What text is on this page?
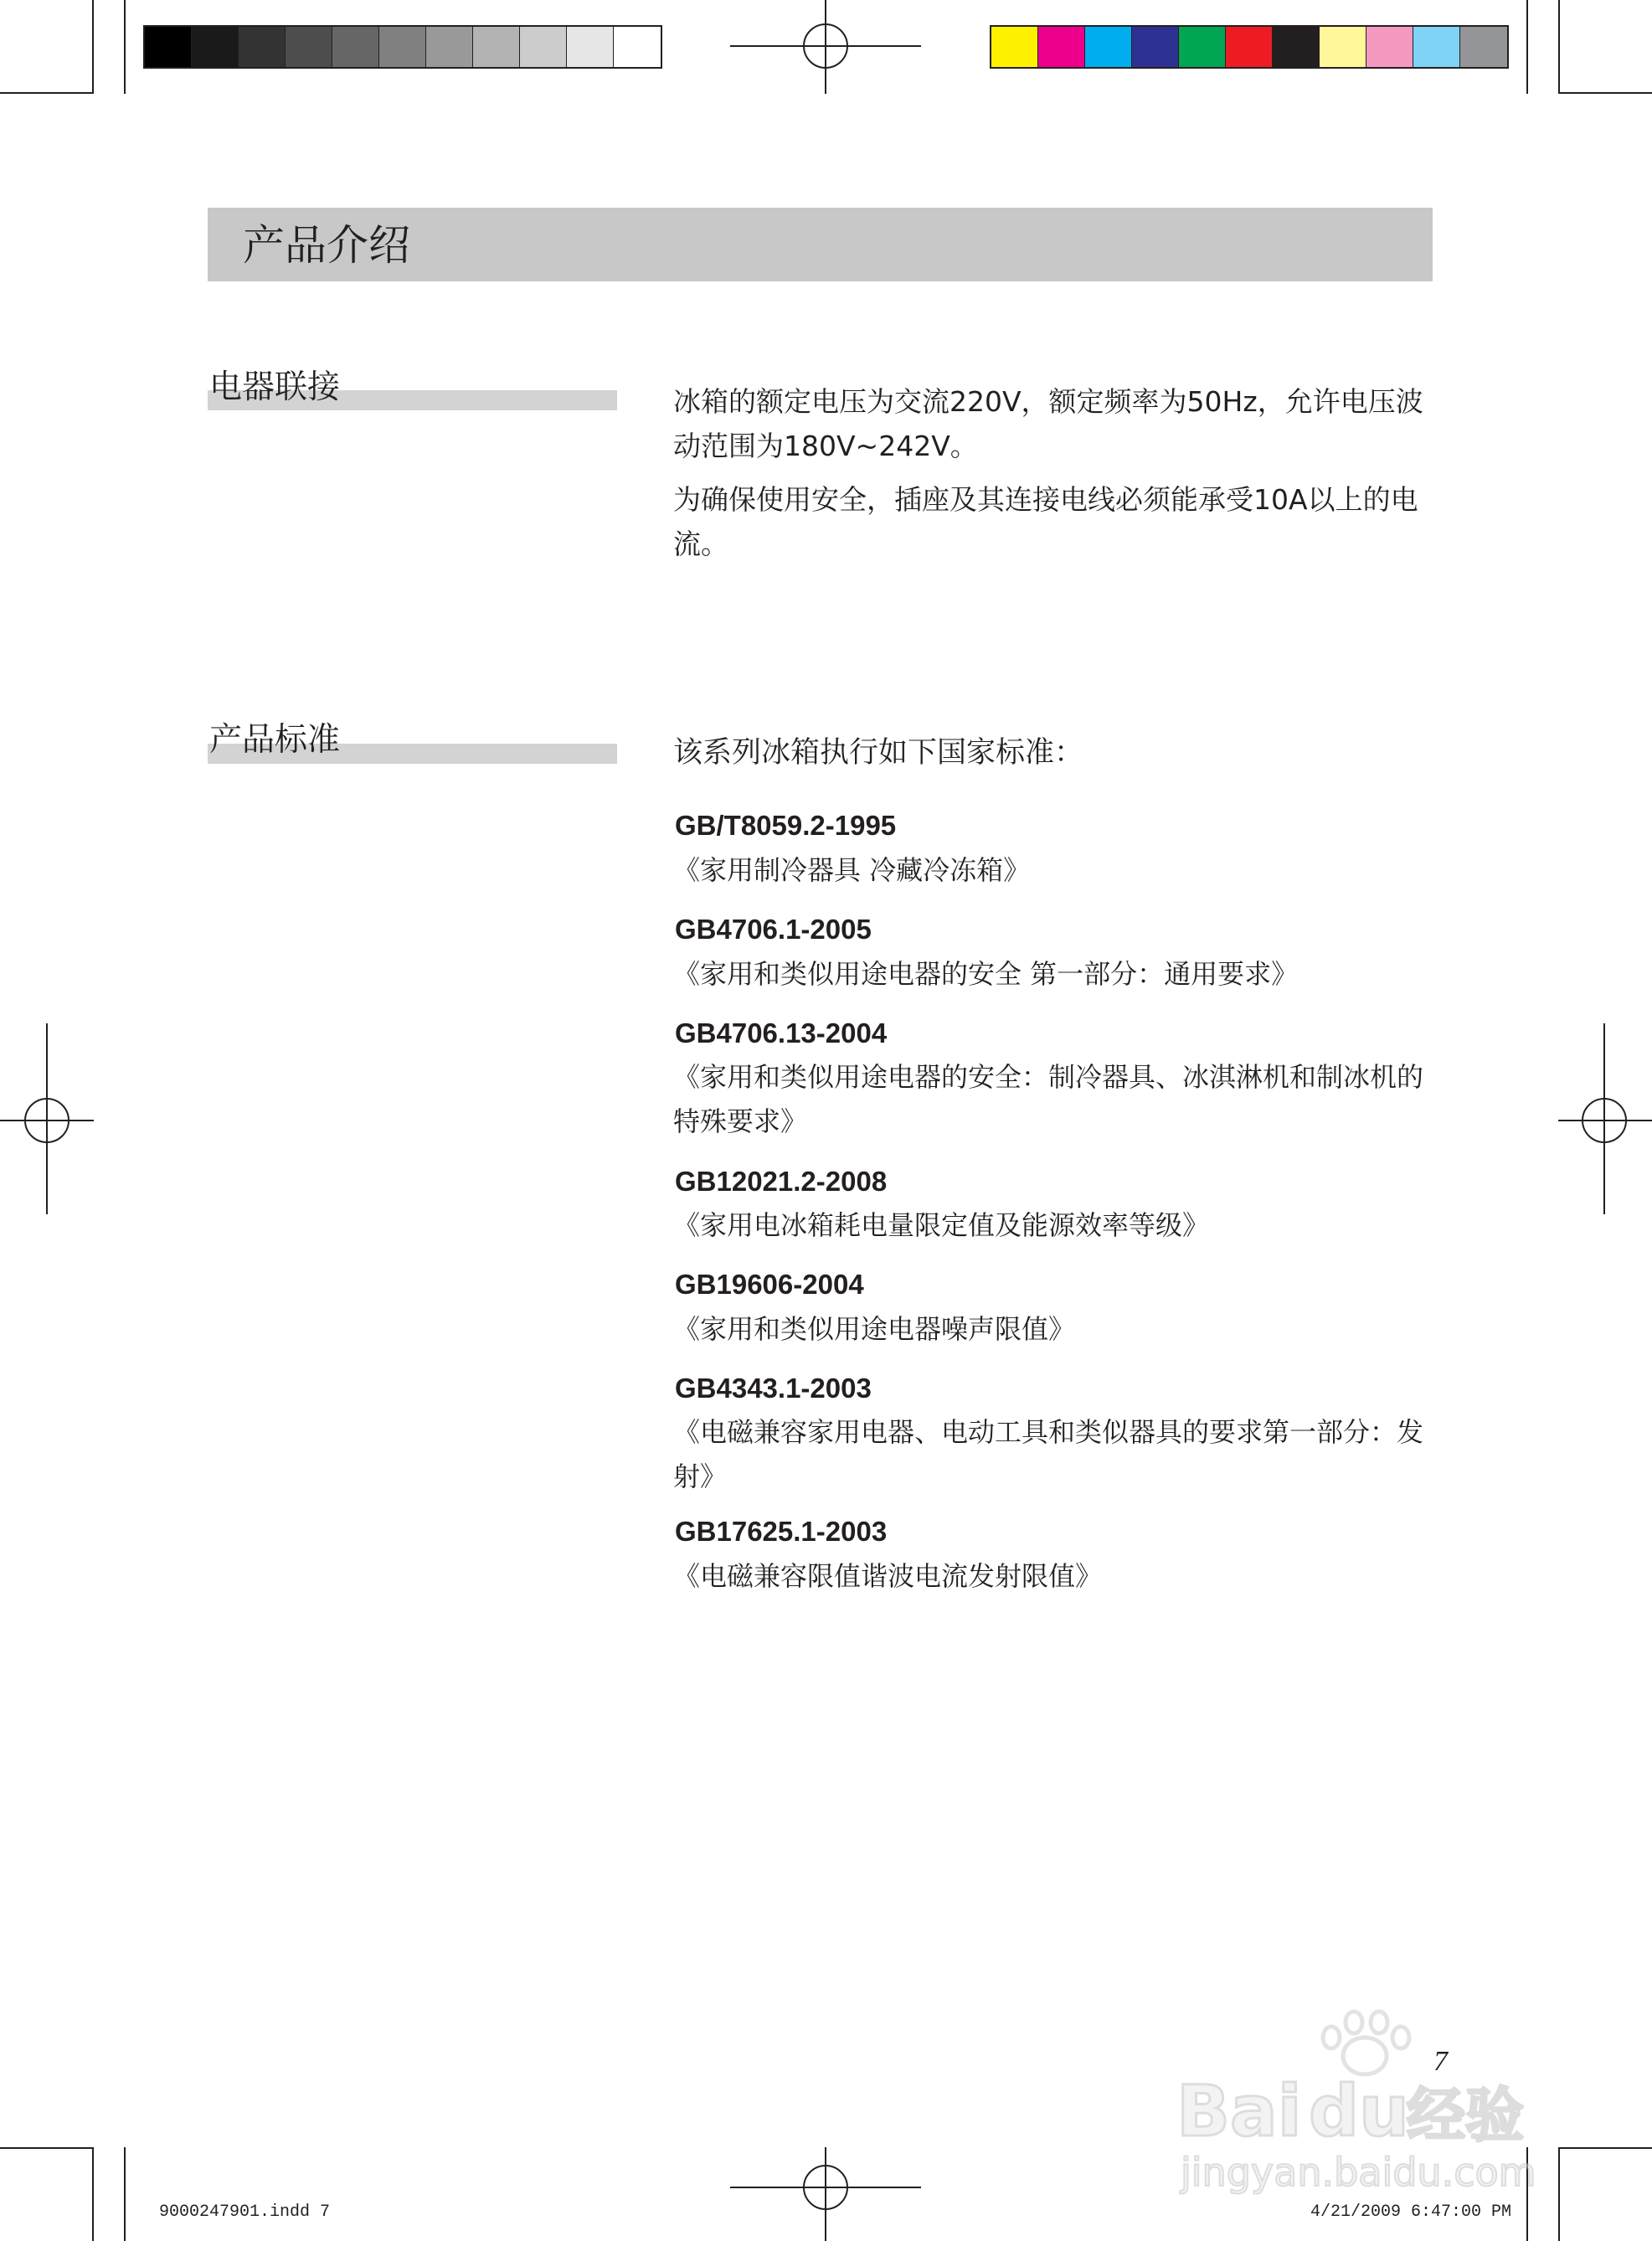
产品介绍
电器联接	冰箱的额定电压为交流220V，额定频率为50Hz，允许电压波动范围为180V~242V。
为确保使用安全，插座及其连接电线必须能承受10A以上的电流。
产品标准	该系列冰箱执行如下国家标准：
GB/T8059.2-1995
《家用制冷器具 冷藏冷冻箱》
GB4706.1-2005
《家用和类似用途电器的安全 第一部分：通用要求》
GB4706.13-2004
《家用和类似用途电器的安全：制冷器具、冰淇淋机和制冰机的特殊要求》
GB12021.2-2008
《家用电冰箱耗电量限定值及能源效率等级》
GB19606-2004
《家用和类似用途电器噪声限值》
GB4343.1-2003
《电磁兼容家用电器、电动工具和类似器具的要求第一部分：发射》
GB17625.1-2003
《电磁兼容限值谐波电流发射限值》
7
Bai du
经验
jingyan.baidu.com
9000247901.indd 7	4/21/2009 6:47:00 PM
